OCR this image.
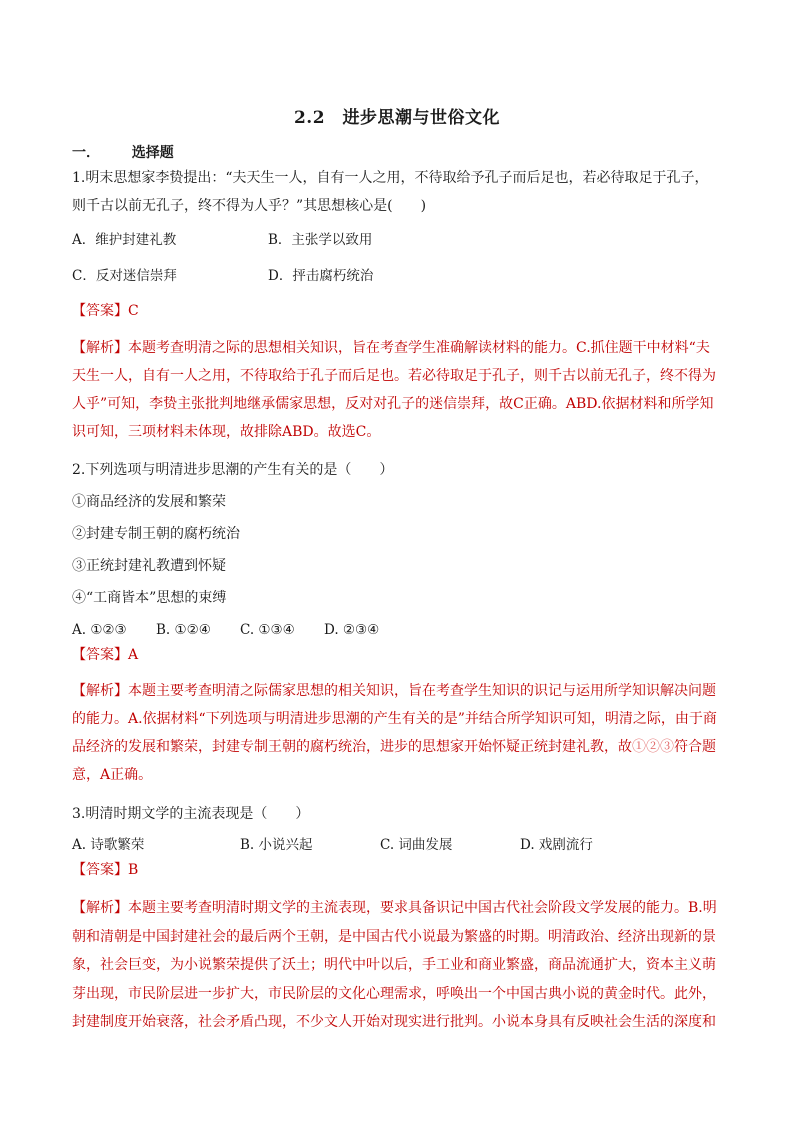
2.2　进步思潮与世俗文化
一． 选择题
1.明末思想家李贽提出：“夫天生一人，自有一人之用，不待取给予孔子而后足也，若必待取足于孔子，则千古以前无孔子，终不得为人乎？”其思想核心是(　　)
A．维护封建礼教	B．主张学以致用
C．反对迷信崇拜	D．抨击腐朽统治
【答案】C
【解析】本题考查明清之际的思想相关知识，旨在考查学生准确解读材料的能力。C.抓住题干中材料“夫天生一人，自有一人之用，不待取给于孔子而后足也。若必待取足于孔子，则千古以前无孔子，终不得为人乎”可知，李贽主张批判地继承儒家思想，反对对孔子的迷信崇拜，故C正确。ABD.依据材料和所学知识可知，三项材料未体现，故排除ABD。故选C。
2.下列选项与明清进步思潮的产生有关的是（　　）
①商品经济的发展和繁荣
②封建专制王朝的腐朽统治
③正统封建礼教遭到怀疑
④“工商皆本”思想的束缚
A. ①②③ B. ①②④ C. ①③④ D. ②③④
【答案】A
【解析】本题主要考查明清之际儒家思想的相关知识，旨在考查学生知识的识记与运用所学知识解决问题的能力。A.依据材料“下列选项与明清进步思潮的产生有关的是”并结合所学知识可知，明清之际，由于商品经济的发展和繁荣，封建专制王朝的腐朽统治，进步的思想家开始怀疑正统封建礼教，故①②③符合题意，A正确。
3.明清时期文学的主流表现是（　　）
A. 诗歌繁荣	B. 小说兴起	C. 词曲发展	D. 戏剧流行
【答案】B
【解析】本题主要考查明清时期文学的主流表现，要求具备识记中国古代社会阶段文学发展的能力。B.明朝和清朝是中国封建社会的最后两个王朝，是中国古代小说最为繁盛的时期。明清政治、经济出现新的景象，社会巨变，为小说繁荣提供了沃土；明代中叶以后，手工业和商业繁盛，商品流通扩大，资本主义萌芽出现，市民阶层进一步扩大，市民阶层的文化心理需求，呼唤出一个中国古典小说的黄金时代。此外，封建制度开始衰落，社会矛盾凸现，不少文人开始对现实进行批判。小说本身具有反映社会生活的深度和
